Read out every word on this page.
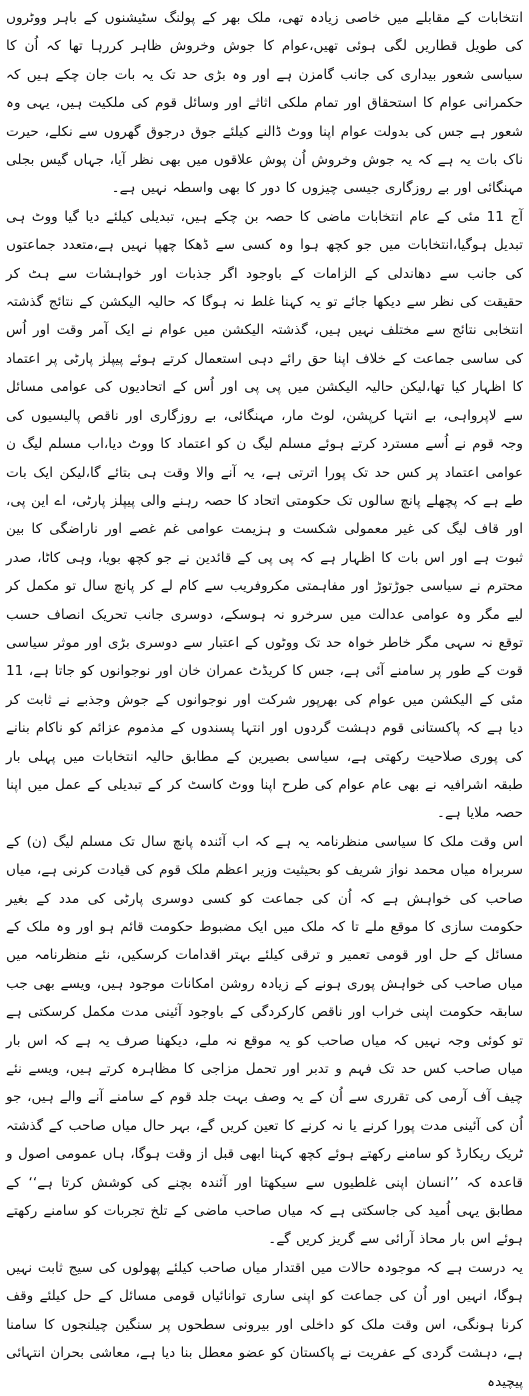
انتخابات کے مقابلے میں خاصی زیادہ تھی، ملک بھر کے پولنگ سٹیشنوں کے باہر ووٹروں کی طویل قطاریں لگی ہوئی تھیں،عوام کا جوش وخروش ظاہر کررہا تھا کہ اُن کا سیاسی شعور بیداری کی جانب گامزن ہے اور وہ بڑی حد تک یہ بات جان چکے ہیں کہ حکمرانی عوام کا استحقاق اور تمام ملکی اثاثے اور وسائل قوم کی ملکیت ہیں، یہی وہ شعور ہے جس کی بدولت عوام اپنا ووٹ ڈالنے کیلئے جوق درجوق گھروں سے نکلے، حیرت ناک بات یہ ہے کہ یہ جوش وخروش اُن پوش علاقوں میں بھی نظر آیا، جہاں گیس بجلی مہنگائی اور بے روزگاری جیسی چیزوں کا دور کا بھی واسطہ نہیں ہے۔

آج 11 مئی کے عام انتخابات ماضی کا حصہ بن چکے ہیں، تبدیلی کیلئے دیا گیا ووٹ ہی تبدیل ہوگیا،انتخابات میں جو کچھ ہوا وہ کسی سے ڈھکا چھپا نہیں ہے،متعدد جماعتوں کی جانب سے دھاندلی کے الزامات کے باوجود اگر جذبات اور خواہشات سے ہٹ کر حقیقت کی نظر سے دیکھا جائے تو یہ کہنا غلط نہ ہوگا کہ حالیہ الیکشن کے نتائج گذشتہ انتخابی نتائج سے مختلف نہیں ہیں، گذشتہ الیکشن میں عوام نے ایک آمر وقت اور اُس کی ساسی جماعت کے خلاف اپنا حق رائے دہی استعمال کرتے ہوئے پیپلز پارٹی پر اعتماد کا اظہار کیا تھا،لیکن حالیہ الیکشن میں پی پی اور اُس کے اتحادیوں کی عوامی مسائل سے لاپرواہی، بے انتہا کرپشن، لوٹ مار، مہنگائی، بے روزگاری اور ناقص پالیسیوں کی وجہ قوم نے اُسے مسترد کرتے ہوئے مسلم لیگ ن کو اعتماد کا ووٹ دیا،اب مسلم لیگ ن عوامی اعتماد پر کس حد تک پورا اترتی ہے، یہ آنے والا وقت ہی بتائے گا،لیکن ایک بات طے ہے کہ پچھلے پانچ سالوں تک حکومتی اتحاد کا حصہ رہنے والی پیپلز پارٹی، اے این پی، اور قاف لیگ کی غیر معمولی شکست و ہزیمت عوامی غم غصے اور ناراضگی کا بین ثبوت ہے اور اس بات کا اظہار ہے کہ پی پی کے قائدین نے جو کچھ بویا، وہی کاٹا، صدر محترم نے سیاسی جوڑتوڑ اور مفاہمتی مکروفریب سے کام لے کر پانچ سال تو مکمل کر لیے مگر وہ عوامی عدالت میں سرخرو نہ ہوسکے، دوسری جانب تحریک انصاف حسب توقع نہ سہی مگر خاطر خواہ حد تک ووٹوں کے اعتبار سے دوسری بڑی اور موثر سیاسی قوت کے طور پر سامنے آئی ہے، جس کا کریڈٹ عمران خان اور نوجوانوں کو جاتا ہے، 11 مئی کے الیکشن میں عوام کی بھرپور شرکت اور نوجوانوں کے جوش وجذبے نے ثابت کر دیا ہے کہ پاکستانی قوم دہشت گردوں اور انتہا پسندوں کے مذموم عزائم کو ناکام بنانے کی پوری صلاحیت رکھتی ہے، سیاسی بصیرین کے مطابق حالیہ انتخابات میں پہلی بار طبقہ اشرافیہ نے بھی عام عوام کی طرح اپنا ووٹ کاسٹ کر کے تبدیلی کے عمل میں اپنا حصہ ملایا ہے۔

اس وقت ملک کا سیاسی منظرنامہ یہ ہے کہ اب آئندہ پانچ سال تک مسلم لیگ (ن) کے سربراہ میاں محمد نواز شریف کو بحیثیت وزیر اعظم ملک قوم کی قیادت کرنی ہے، میاں صاحب کی خواہش ہے کہ اُن کی جماعت کو کسی دوسری پارٹی کی مدد کے بغیر حکومت سازی کا موقع ملے تا کہ ملک میں ایک مضبوط حکومت قائم ہو اور وہ ملک کے مسائل کے حل اور قومی تعمیر و ترقی کیلئے بہتر اقدامات کرسکیں، نئے منظرنامہ میں میاں صاحب کی خواہش پوری ہونے کے زیادہ روشن امکانات موجود ہیں، ویسے بھی جب سابقہ حکومت اپنی خراب اور ناقص کارکردگی کے باوجود آئینی مدت مکمل کرسکتی ہے تو کوئی وجہ نہیں کہ میاں صاحب کو یہ موقع نہ ملے، دیکھنا صرف یہ ہے کہ اس بار میاں صاحب کس حد تک فہم و تدبر اور تحمل مزاجی کا مظاہرہ کرتے ہیں، ویسے نئے چیف آف آرمی کی تقرری سے اُن کے یہ وصف بہت جلد قوم کے سامنے آنے والے ہیں، جو اُن کی آئینی مدت پورا کرنے یا نہ کرنے کا تعین کریں گے، بہر حال میاں صاحب کے گذشتہ ٹریک ریکارڈ کو سامنے رکھتے ہوئے کچھ کہنا ابھی قبل از وقت ہوگا، ہاں عمومی اصول و قاعدہ کہ ’’انسان اپنی غلطیوں سے سیکھتا اور آئندہ بچنے کی کوشش کرتا ہے‘‘ کے مطابق یہی اُمید کی جاسکتی ہے کہ میاں صاحب ماضی کے تلخ تجربات کو سامنے رکھتے ہوئے اس بار محاذ آرائی سے گریز کریں گے۔

یہ درست ہے کہ موجودہ حالات میں اقتدار میاں صاحب کیلئے پھولوں کی سیج ثابت نہیں ہوگا، انہیں اور اُن کی جماعت کو اپنی ساری توانائیاں قومی مسائل کے حل کیلئے وقف کرنا ہونگی، اس وقت ملک کو داخلی اور بیرونی سطحوں پر سنگین چیلنجوں کا سامنا ہے، دہشت گردی کے عفریت نے پاکستان کو عضو معطل بنا دیا ہے، معاشی بحران انتہائی پیچیدہ
